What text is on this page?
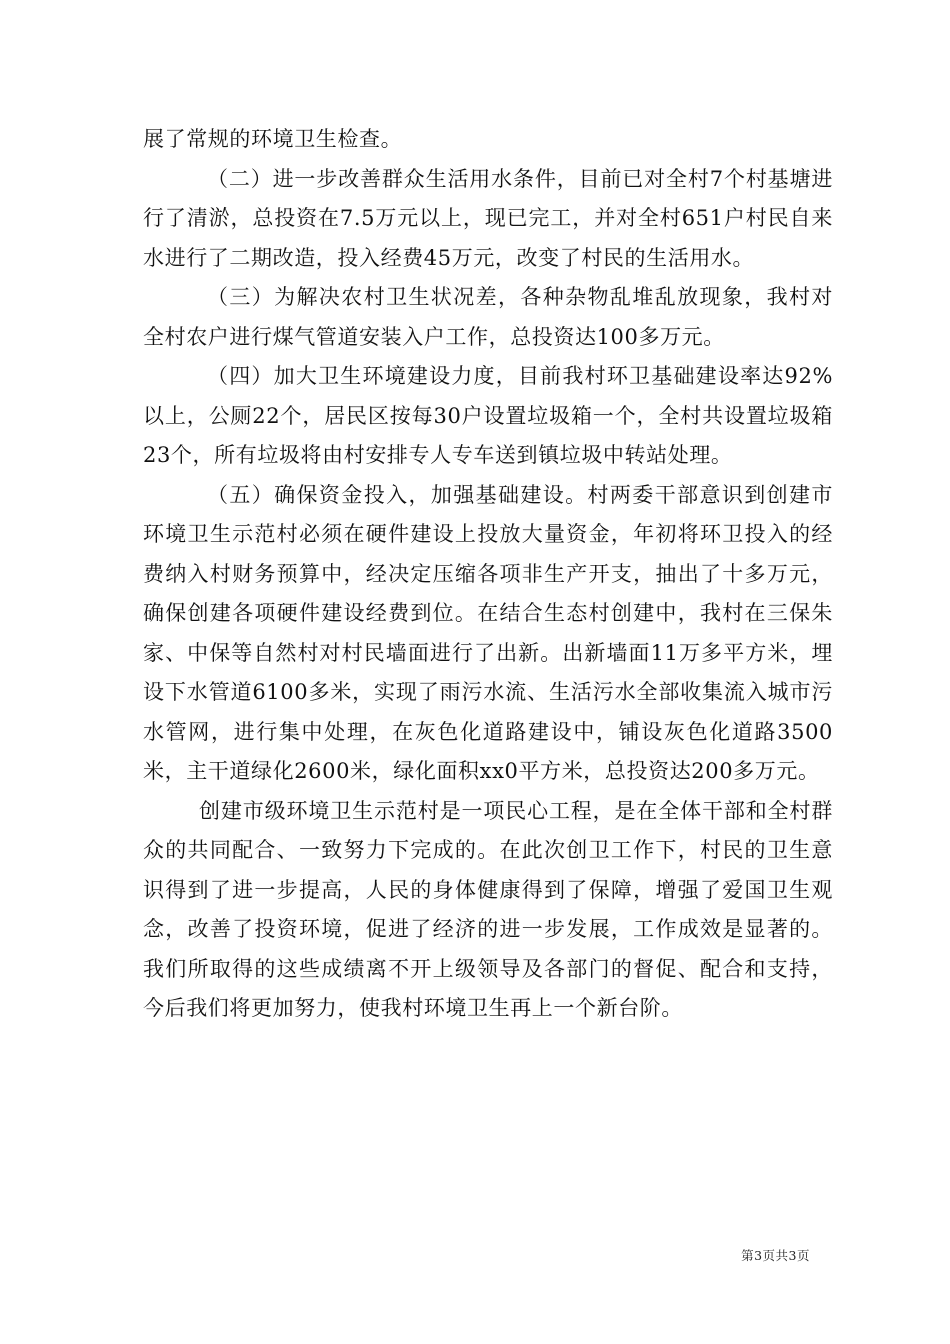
展了常规的环境卫生检查。

（二）进一步改善群众生活用水条件，目前已对全村7个村基塘进行了清淤，总投资在7.5万元以上，现已完工，并对全村651户村民自来水进行了二期改造，投入经费45万元，改变了村民的生活用水。

（三）为解决农村卫生状况差，各种杂物乱堆乱放现象，我村对全村农户进行煤气管道安装入户工作，总投资达100多万元。

（四）加大卫生环境建设力度，目前我村环卫基础建设率达92%以上，公厕22个，居民区按每30户设置垃圾箱一个，全村共设置垃圾箱23个，所有垃圾将由村安排专人专车送到镇垃圾中转站处理。

（五）确保资金投入，加强基础建设。村两委干部意识到创建市环境卫生示范村必须在硬件建设上投放大量资金，年初将环卫投入的经费纳入村财务预算中，经决定压缩各项非生产开支，抽出了十多万元，确保创建各项硬件建设经费到位。在结合生态村创建中，我村在三保朱家、中保等自然村对村民墙面进行了出新。出新墙面11万多平方米，埋设下水管道6100多米，实现了雨污水流、生活污水全部收集流入城市污水管网，进行集中处理，在灰色化道路建设中，铺设灰色化道路3500米，主干道绿化2600米，绿化面积xx0平方米，总投资达200多万元。

创建市级环境卫生示范村是一项民心工程，是在全体干部和全村群众的共同配合、一致努力下完成的。在此次创卫工作下，村民的卫生意识得到了进一步提高，人民的身体健康得到了保障，增强了爱国卫生观念，改善了投资环境，促进了经济的进一步发展，工作成效是显著的。我们所取得的这些成绩离不开上级领导及各部门的督促、配合和支持，今后我们将更加努力，使我村环境卫生再上一个新台阶。

第3页共3页
